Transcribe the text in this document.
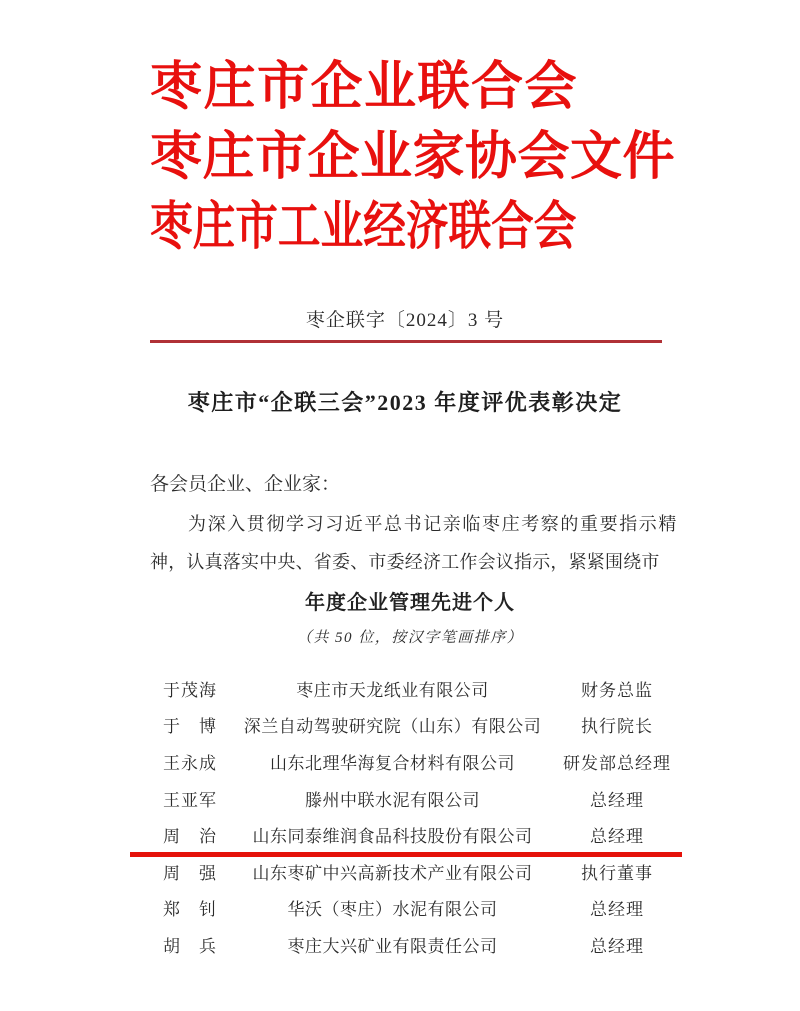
枣庄市企业联合会
枣庄市企业家协会文件
枣庄市工业经济联合会
枣企联字〔2024〕3 号
枣庄市“企联三会”2023 年度评优表彰决定
各会员企业、企业家：

为深入贯彻学习习近平总书记亲临枣庄考察的重要指示精

神，认真落实中央、省委、市委经济工作会议指示，紧紧围绕市

年度企业管理先进个人
（共 50 位，按汉字笔画排序）
于茂海	枣庄市天龙纸业有限公司	财务总监
于　博	深兰自动驾驶研究院（山东）有限公司	执行院长
王永成	山东北理华海复合材料有限公司	研发部总经理
王亚军	滕州中联水泥有限公司	总经理
周　治	山东同泰维润食品科技股份有限公司	总经理
周　强	山东枣矿中兴高新技术产业有限公司	执行董事
郑　钊	华沃（枣庄）水泥有限公司	总经理
胡　兵	枣庄大兴矿业有限责任公司	总经理
